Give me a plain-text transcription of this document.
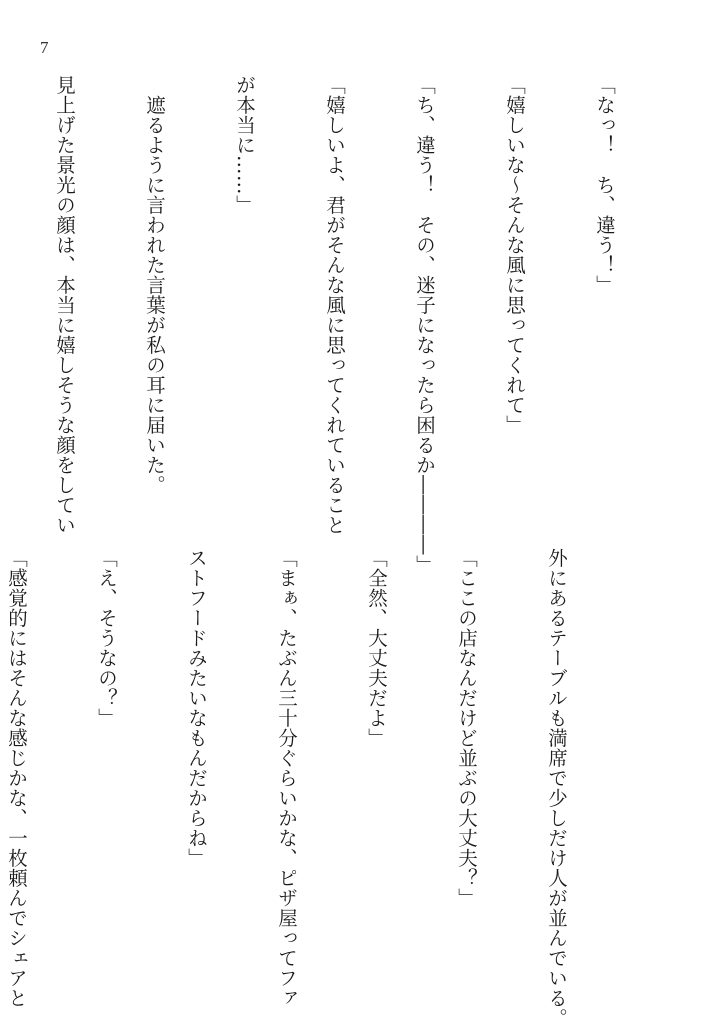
7

「なっ！　ち、違う！」

「嬉しいな～そんな風に思ってくれて」

「ち、違う！　その、迷子になったら困るか――――」

「嬉しいよ、君がそんな風に思ってくれていること

が本当に……」

　遮るように言われた言葉が私の耳に届いた。

見上げた景光の顔は、本当に嬉しそうな顔をしてい

外にあるテーブルも満席で少しだけ人が並んでいる。

「ここの店なんだけど並ぶの大丈夫？」

「全然、大丈夫だよ」

「まぁ、たぶん三十分ぐらいかな、ピザ屋ってファ

ストフードみたいなもんだからね」

「え、そうなの？」

「感覚的にはそんな感じかな、一枚頼んでシェアと
